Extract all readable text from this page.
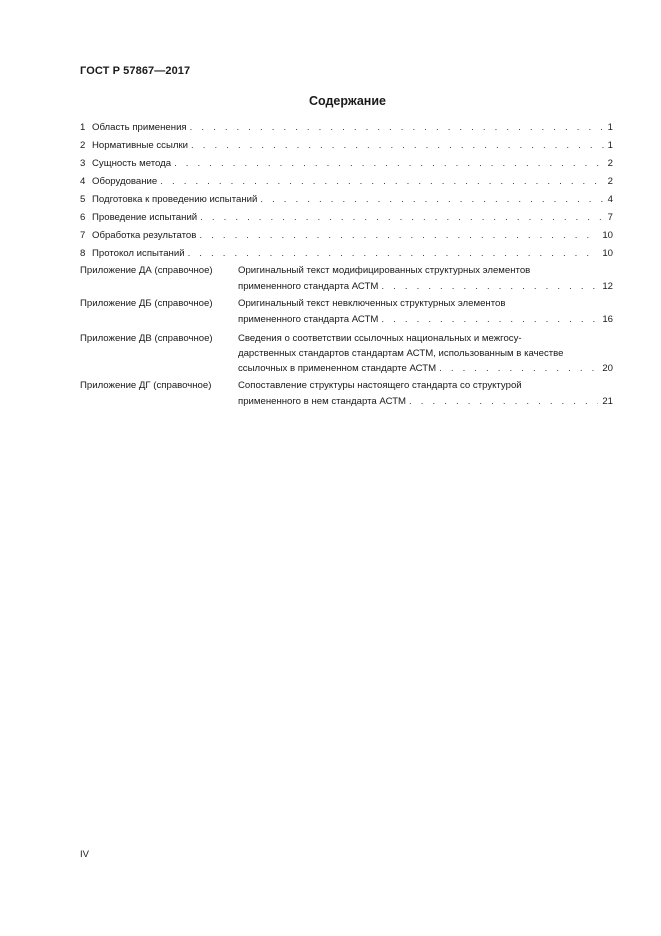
ГОСТ Р 57867—2017
Содержание
1 Область применения . . .	1
2 Нормативные ссылки . . .	1
3 Сущность метода . . .	2
4 Оборудование . . .	2
5 Подготовка к проведению испытаний . . .	4
6 Проведение испытаний . . .	7
7 Обработка результатов . . .	10
8 Протокол испытаний . . .	10
Приложение ДА (справочное)	Оригинальный текст модифицированных структурных элементов
примененного стандарта АСТМ . . .	12
Приложение ДБ (справочное)	Оригинальный текст невключенных структурных элементов
примененного стандарта АСТМ . . .	16
Приложение ДВ (справочное)	Сведения о соответствии ссылочных национальных и межгосу-
дарственных стандартов стандартам АСТМ, использованным в качестве
ссылочных в примененном стандарте АСТМ . . .	20
Приложение ДГ (справочное)	Сопоставление структуры настоящего стандарта со структурой
примененного в нем стандарта АСТМ . . .	21
IV
